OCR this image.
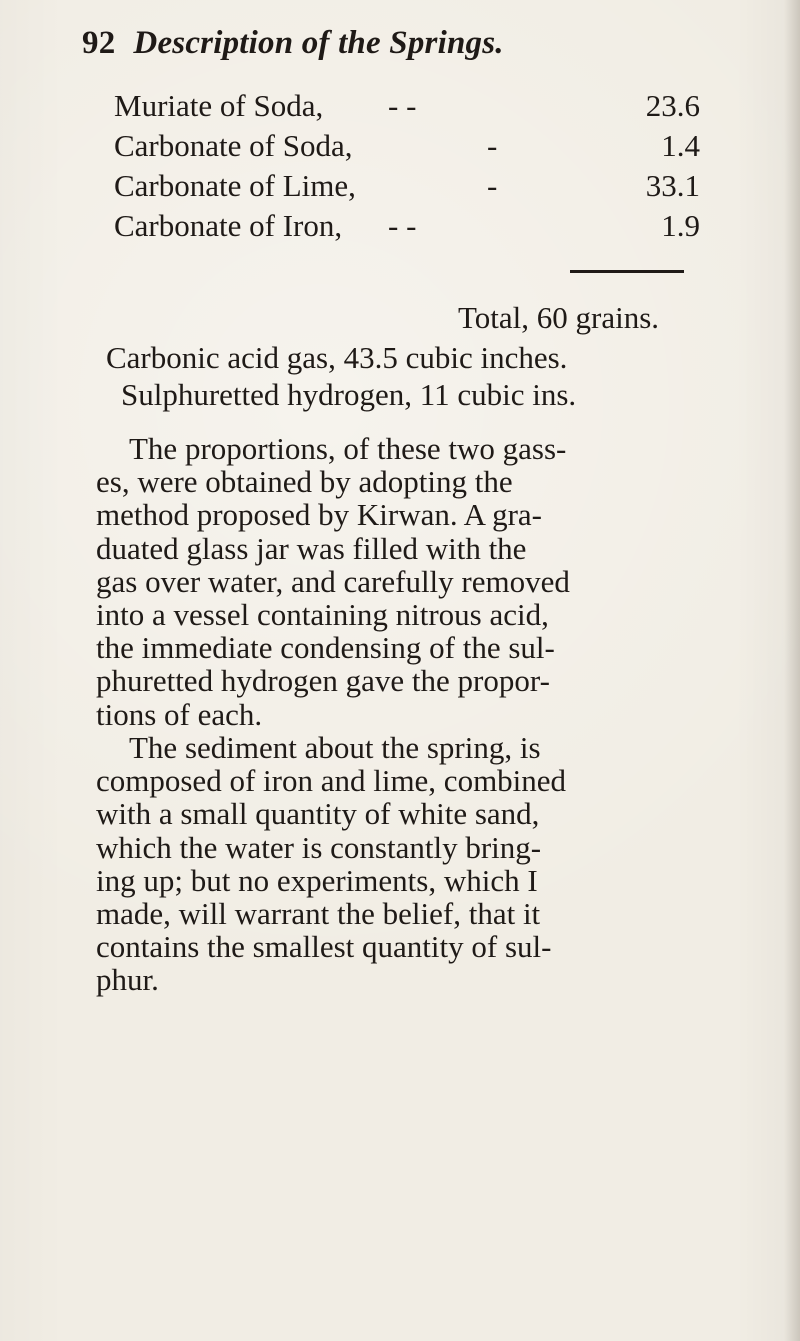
92 Description of the Springs.
Muriate of Soda, - -	23.6
Carbonate of Soda,	-	1.4
Carbonate of Lime,	-	33.1
Carbonate of Iron, - -	1.9
Total, 60 grains.
Carbonic acid gas, 43.5 cubic inches.
Sulphuretted hydrogen, 11 cubic ins.
The proportions, of these two gass-
es, were obtained by adopting the
method proposed by Kirwan. A gra-
duated glass jar was filled with the
gas over water, and carefully removed
into a vessel containing nitrous acid,
the immediate condensing of the sul-
phuretted hydrogen gave the propor-
tions of each.
The sediment about the spring, is
composed of iron and lime, combined
with a small quantity of white sand,
which the water is constantly bring-
ing up; but no experiments, which I
made, will warrant the belief, that it
contains the smallest quantity of sul-
phur.
